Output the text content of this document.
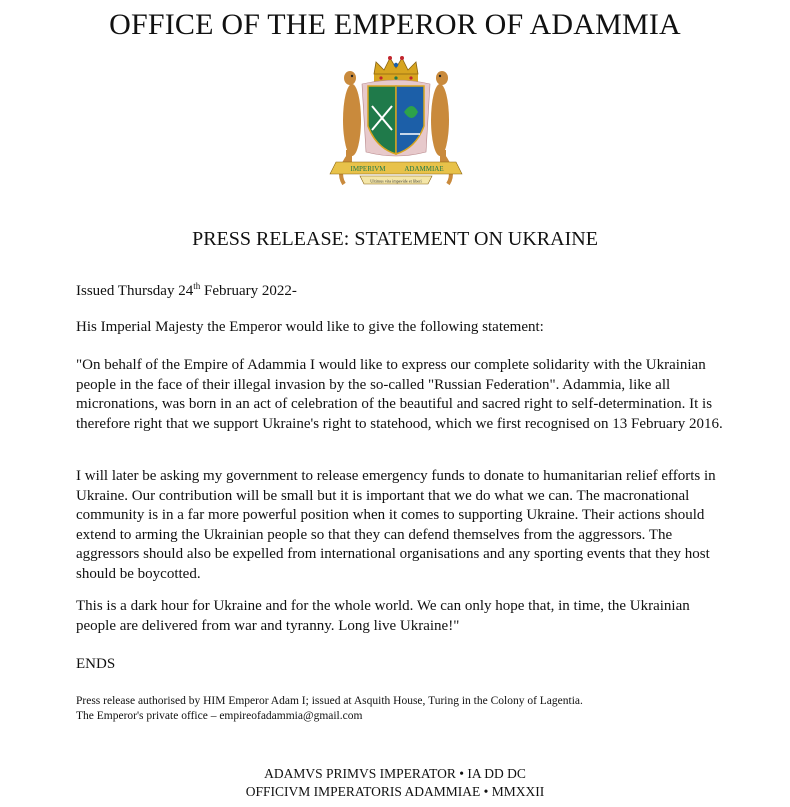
OFFICE OF THE EMPEROR OF ADAMMIA
IMPERIVM	ADAMMIAE
Ultimus vita impavide et liberi
PRESS RELEASE: STATEMENT ON UKRAINE

Issued Thursday 24th February 2022-

His Imperial Majesty the Emperor would like to give the following statement:

"On behalf of the Empire of Adammia I would like to express our complete solidarity with the Ukrainian people in the face of their illegal invasion by the so-called "Russian Federation". Adammia, like all micronations, was born in an act of celebration of the beautiful and sacred right to self-determination. It is therefore right that we support Ukraine's right to statehood, which we first recognised on 13 February 2016.

I will later be asking my government to release emergency funds to donate to humanitarian relief efforts in Ukraine. Our contribution will be small but it is important that we do what we can. The macronational community is in a far more powerful position when it comes to supporting Ukraine. Their actions should extend to arming the Ukrainian people so that they can defend themselves from the aggressors. The aggressors should also be expelled from international organisations and any sporting events that they host should be boycotted.

This is a dark hour for Ukraine and for the whole world. We can only hope that, in time, the Ukrainian people are delivered from war and tyranny. Long live Ukraine!"

ENDS

Press release authorised by HIM Emperor Adam I; issued at Asquith House, Turing in the Colony of Lagentia.
The Emperor's private office – empireofadammia@gmail.com
ADAMVS PRIMVS IMPERATOR • IA DD DC
OFFICIVM IMPERATORIS ADAMMIAE • MMXXII
